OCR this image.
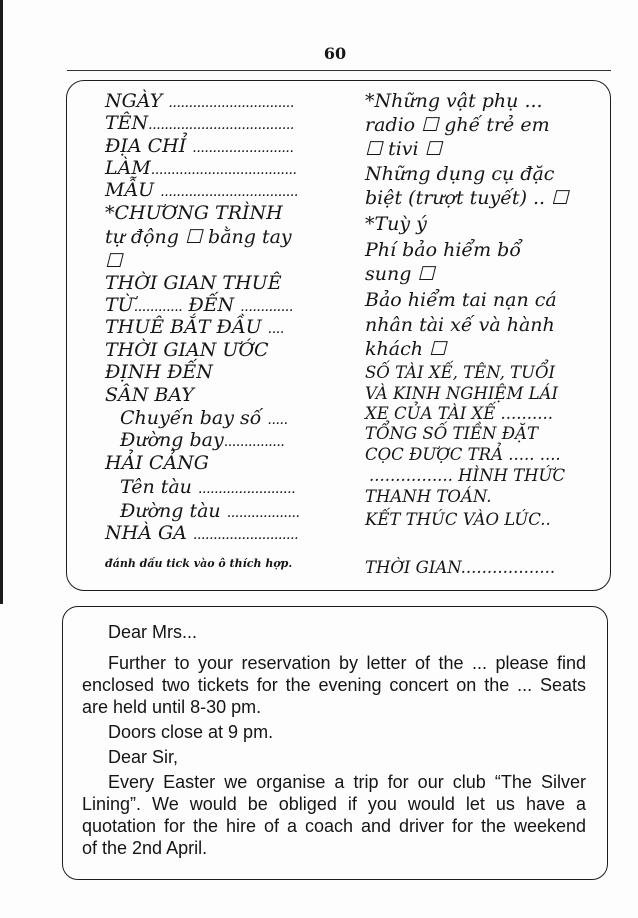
60
NGÀY ...............................
TÊN....................................
ĐỊA CHỈ .........................
LÀM....................................
MẪU ..................................
*CHƯƠNG TRÌNH
tự động ☐ bằng tay
☐
THỜI GIAN THUÊ
TỪ............ ĐẾN .............
THUÊ BẮT ĐẦU ....
THỜI GIAN ƯỚC
ĐỊNH ĐẾN
SÂN BAY
Chuyến bay số .....
Đường bay...............
HẢI CẢNG
Tên tàu ........................
Đường tàu ..................
NHÀ GA ..........................
đánh dấu tick vào ô thích hợp.
*Những vật phụ ...
radio ☐ ghế trẻ em
☐ tivi ☐
Những dụng cụ đặc
biệt (trượt tuyết) .. ☐
*Tuỳ ý
Phí bảo hiểm bổ
sung ☐
Bảo hiểm tai nạn cá
nhân tài xế và hành
khách ☐
SỐ TÀI XẾ, TÊN, TUỔI
VÀ KINH NGHIỆM LÁI
XE CỦA TÀI XẾ ..........
TỔNG SỐ TIỀN ĐẶT
CỌC ĐƯỢC TRẢ ..... ....
................ HÌNH THỨC
THANH TOÁN.
KẾT THÚC VÀO LÚC..
THỜI GIAN..................
Dear Mrs...
Further to your reservation by letter of the ... please find
enclosed two tickets for the evening concert on the ... Seats
are held until 8-30 pm.
Doors close at 9 pm.
Dear Sir,
Every Easter we organise a trip for our club “The Silver
Lining”. We would be obliged if you would let us have a
quotation for the hire of a coach and driver for the weekend
of the 2nd April.
